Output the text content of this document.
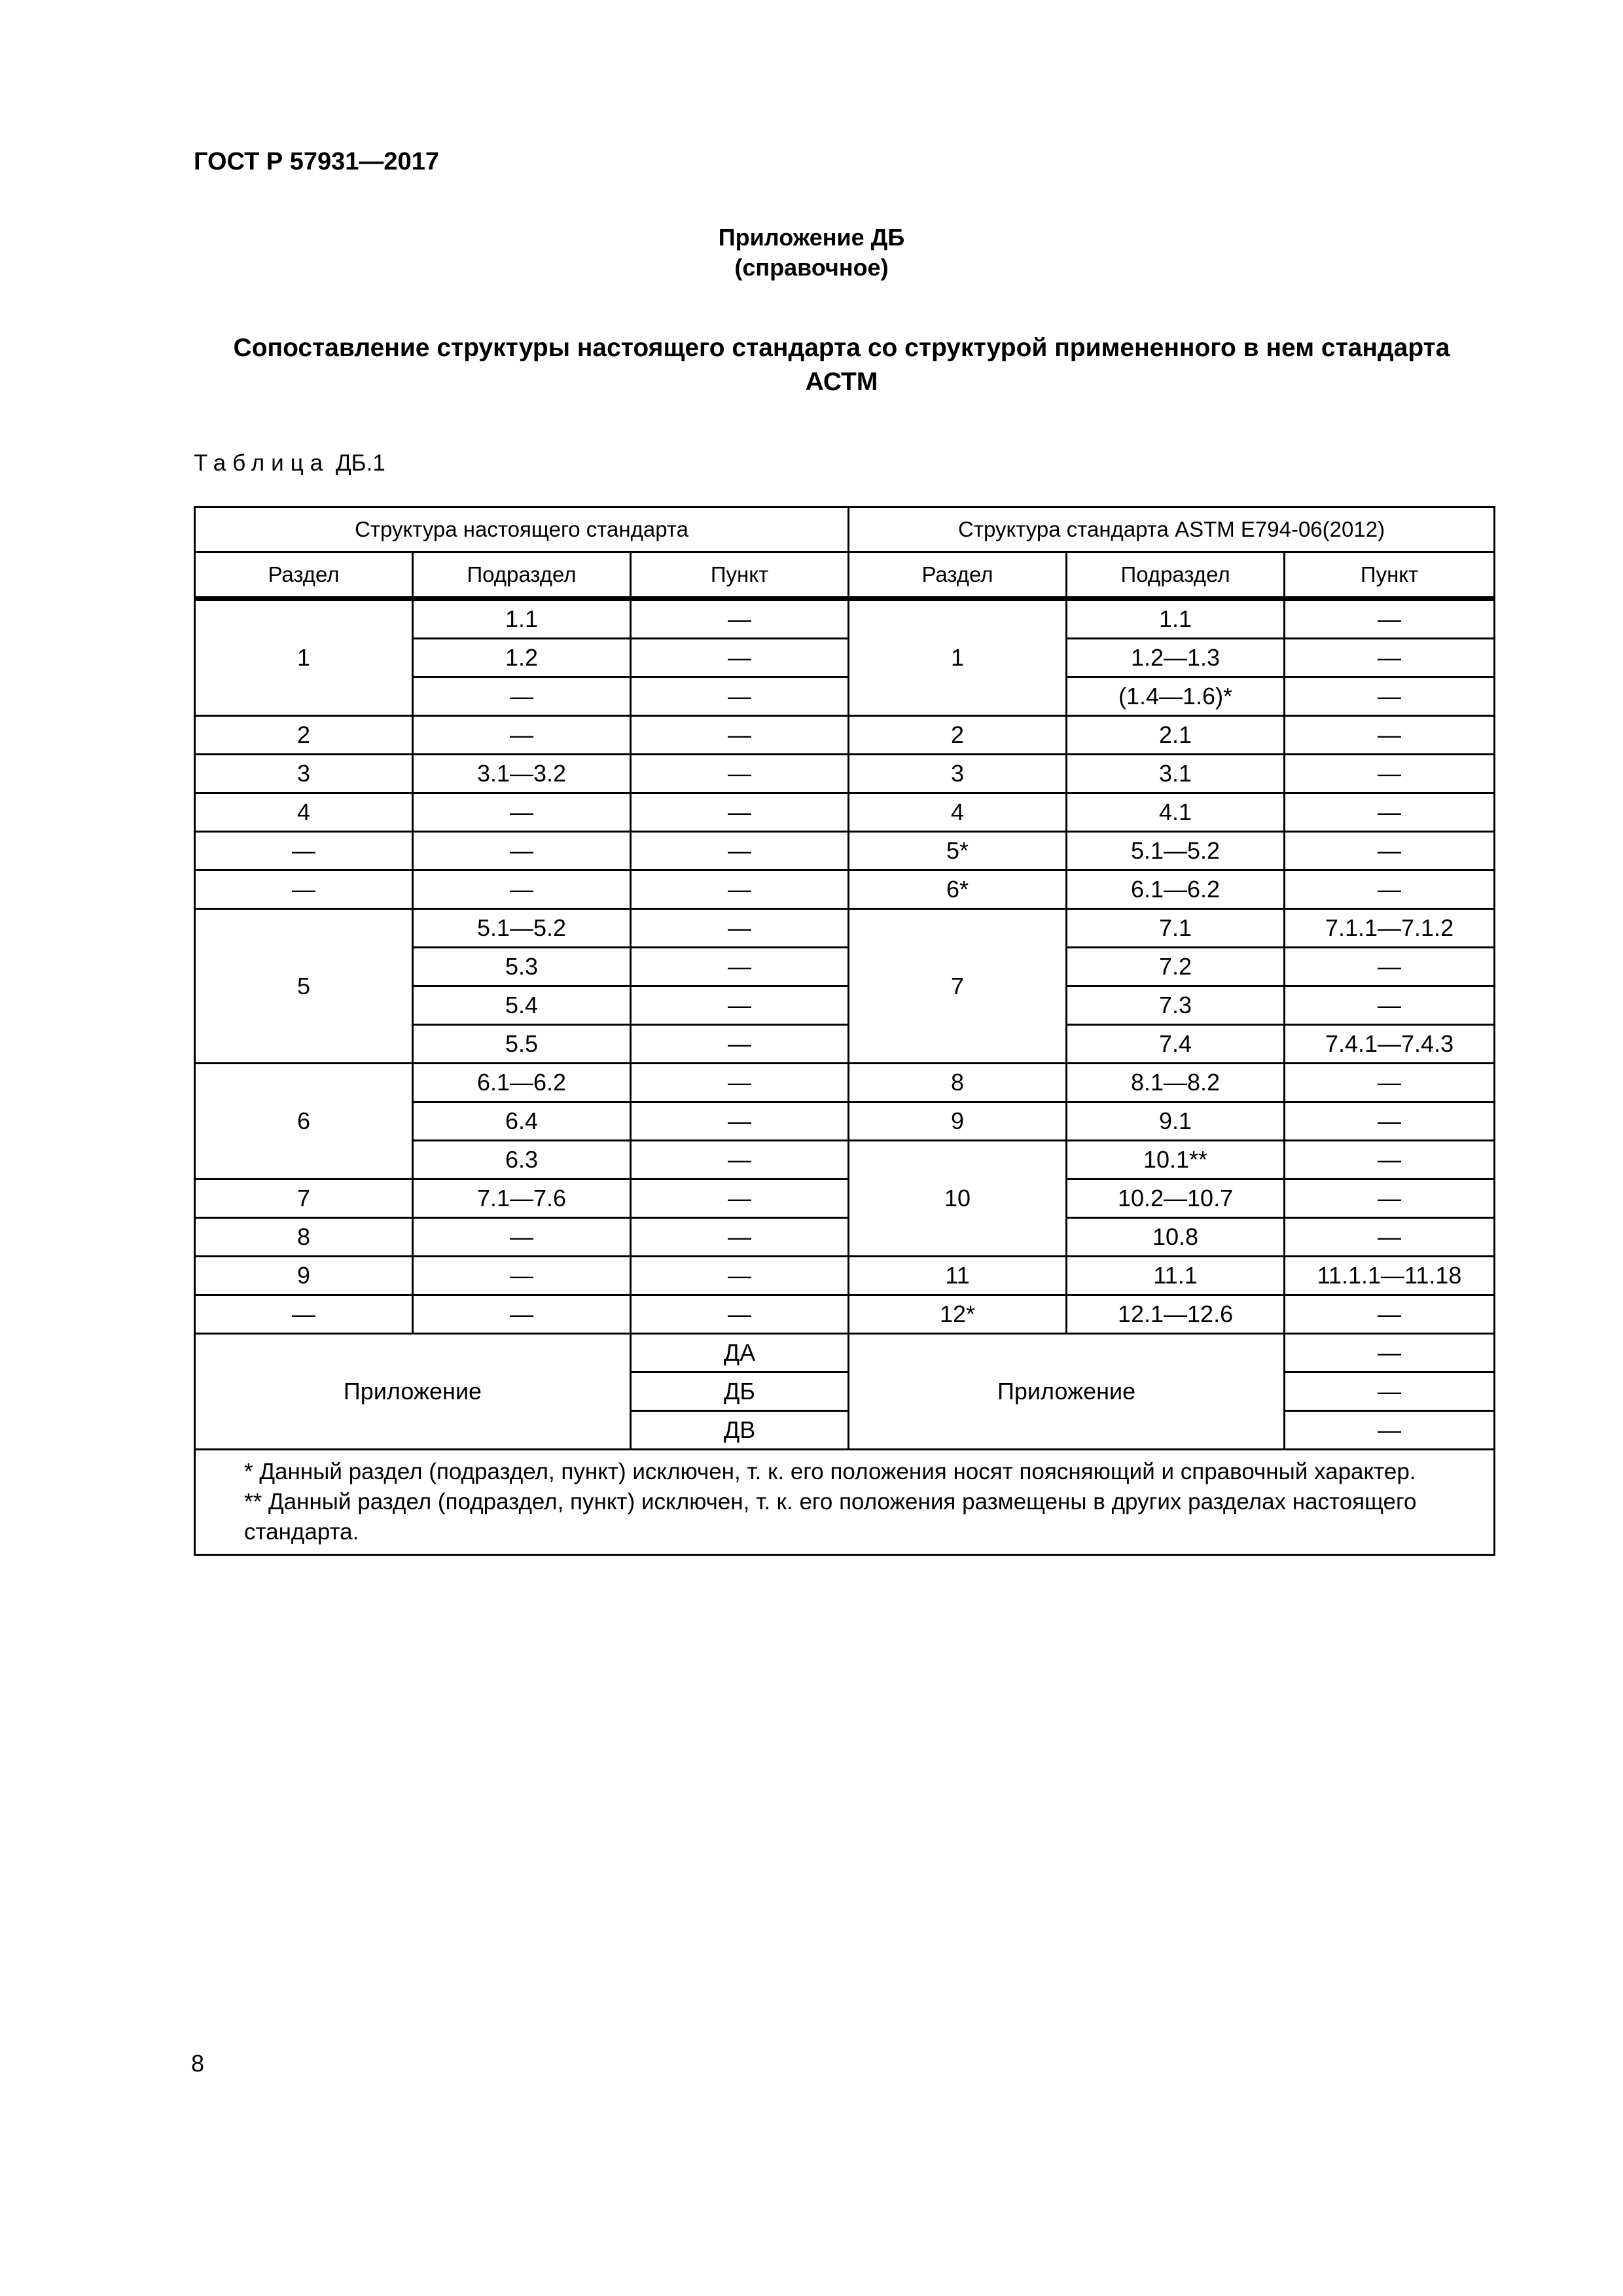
ГОСТ Р 57931—2017
Приложение ДБ
(справочное)
Сопоставление структуры настоящего стандарта со структурой примененного в нем стандарта АСТМ
Таблица ДБ.1
Структура настоящего стандарта			Структура стандарта ASTM E794-06(2012)		
Раздел	Подраздел	Пункт	Раздел	Подраздел	Пункт
1	1.1	—	1	1.1	—
	1.2	—		1.2—1.3	—
	—	—		(1.4—1.6)*	—
2	—	—	2	2.1	—
3	3.1—3.2	—	3	3.1	—
4	—	—	4	4.1	—
—	—	—	5*	5.1—5.2	—
—	—	—	6*	6.1—6.2	—
5	5.1—5.2	—	7	7.1	7.1.1—7.1.2
	5.3	—		7.2	—
	5.4	—		7.3	—
	5.5	—		7.4	7.4.1—7.4.3
6	6.1—6.2	—	8	8.1—8.2	—
	6.4	—	9	9.1	—
	6.3	—	10	10.1**	—
7	7.1—7.6	—		10.2—10.7	—
8	—	—		10.8	—
9	—	—	11	11.1	11.1.1—11.18
—	—	—	12*	12.1—12.6	—
Приложение		ДА	Приложение		—
		ДБ			—
		ДВ			—

* Данный раздел (подраздел, пункт) исключен, т. к. его положения носят поясняющий и справочный характер.
** Данный раздел (подраздел, пункт) исключен, т. к. его положения размещены в других разделах настоящего стандарта.					
8
